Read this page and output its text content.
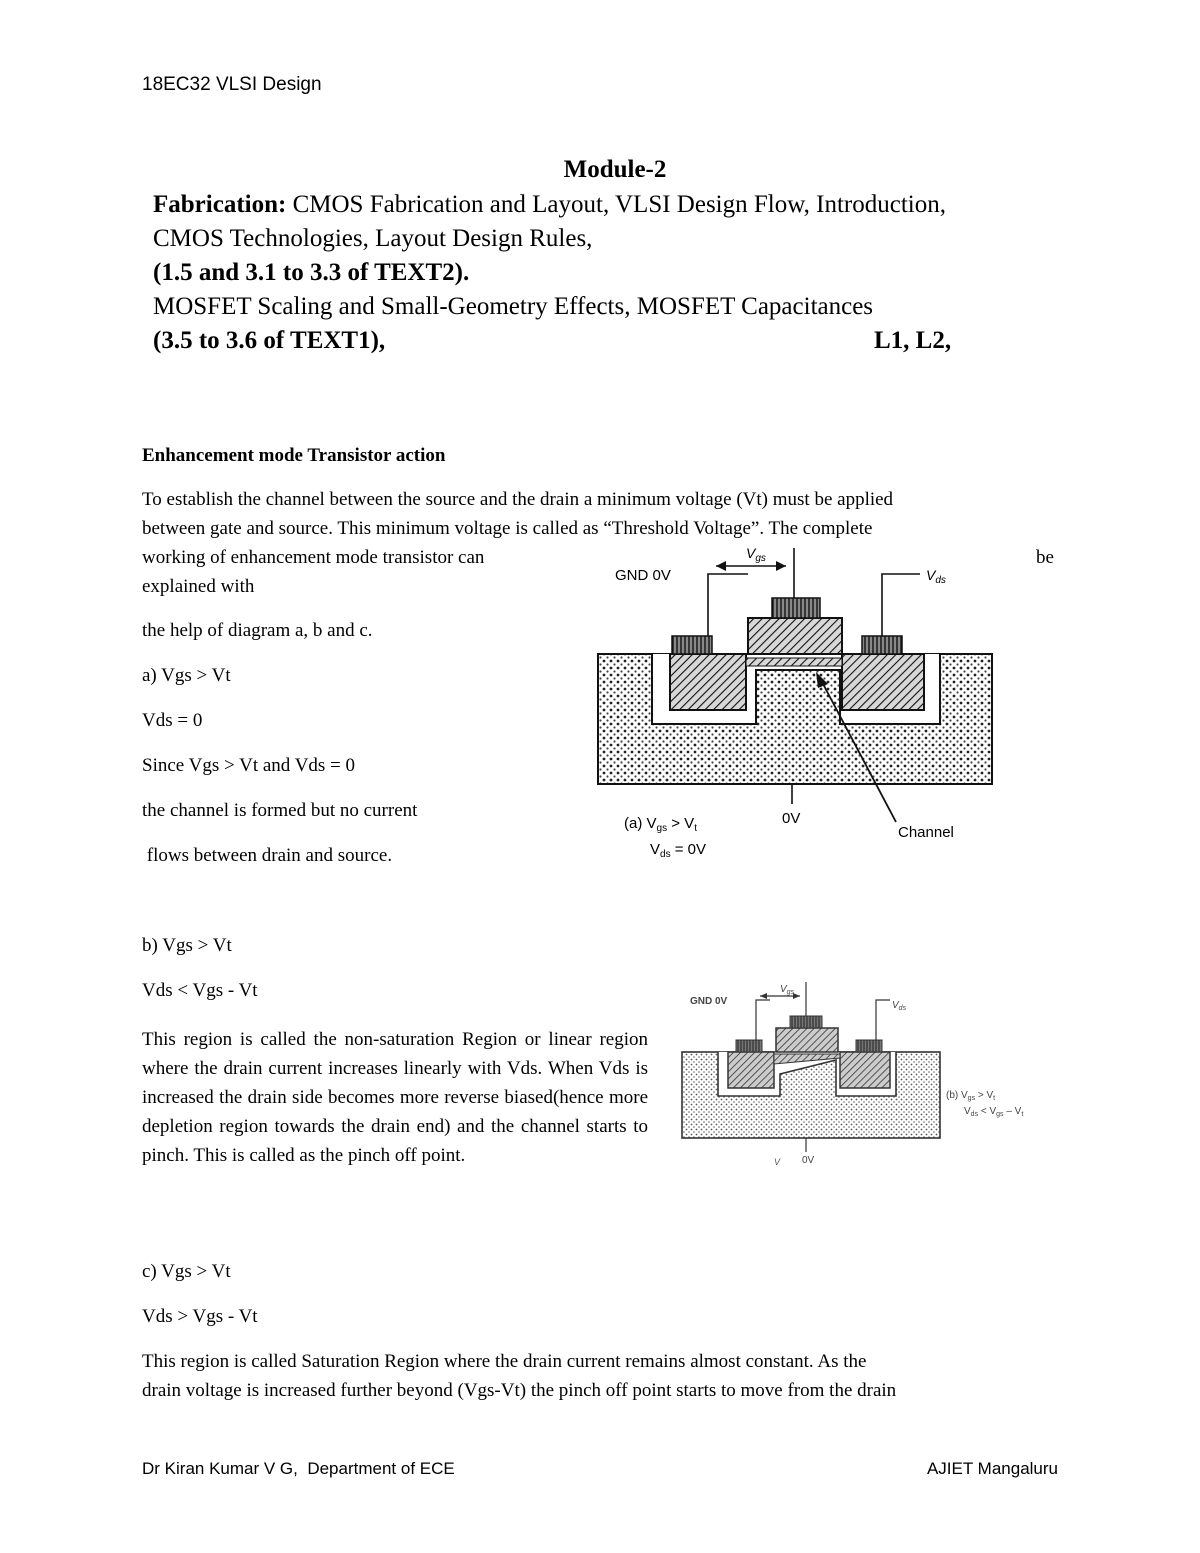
18EC32 VLSI Design
Module-2
Fabrication: CMOS Fabrication and Layout, VLSI Design Flow, Introduction,
CMOS Technologies, Layout Design Rules,
(1.5 and 3.1 to 3.3 of TEXT2).
MOSFET Scaling and Small-Geometry Effects, MOSFET Capacitances
(3.5 to 3.6 of TEXT1),	L1, L2,
Enhancement mode Transistor action
To establish the channel between the source and the drain a minimum voltage (Vt) must be applied
between gate and source. This minimum voltage is called as “Threshold Voltage”. The complete
working of enhancement mode transistor can	be
explained with
the help of diagram a, b and c.
a) Vgs > Vt
Vds = 0
Since Vgs > Vt and Vds = 0
the channel is formed but no current
flows between drain and source.
GND 0V
$V_{gs}$
$V_{ds}$
0V
Channel
(a) $V_{gs} > V_t$
$V_{ds} = 0V$
b) Vgs > Vt
Vds < Vgs - Vt
This region is called the non-saturation Region or linear region where the drain current increases linearly with Vds. When Vds is increased the drain side becomes more reverse biased(hence more depletion region towards the drain end) and the channel starts to pinch. This is called as the pinch off point.
GND 0V
$V_{gs}$
$V_{ds}$
V 0V
(b) $V_{gs} > V_t$
$V_{ds} < V_{gs} - V_t$
c) Vgs > Vt
Vds > Vgs - Vt
This region is called Saturation Region where the drain current remains almost constant. As the
drain voltage is increased further beyond (Vgs-Vt) the pinch off point starts to move from the drain
Dr Kiran Kumar V G,  Department of ECE	AJIET Mangaluru
